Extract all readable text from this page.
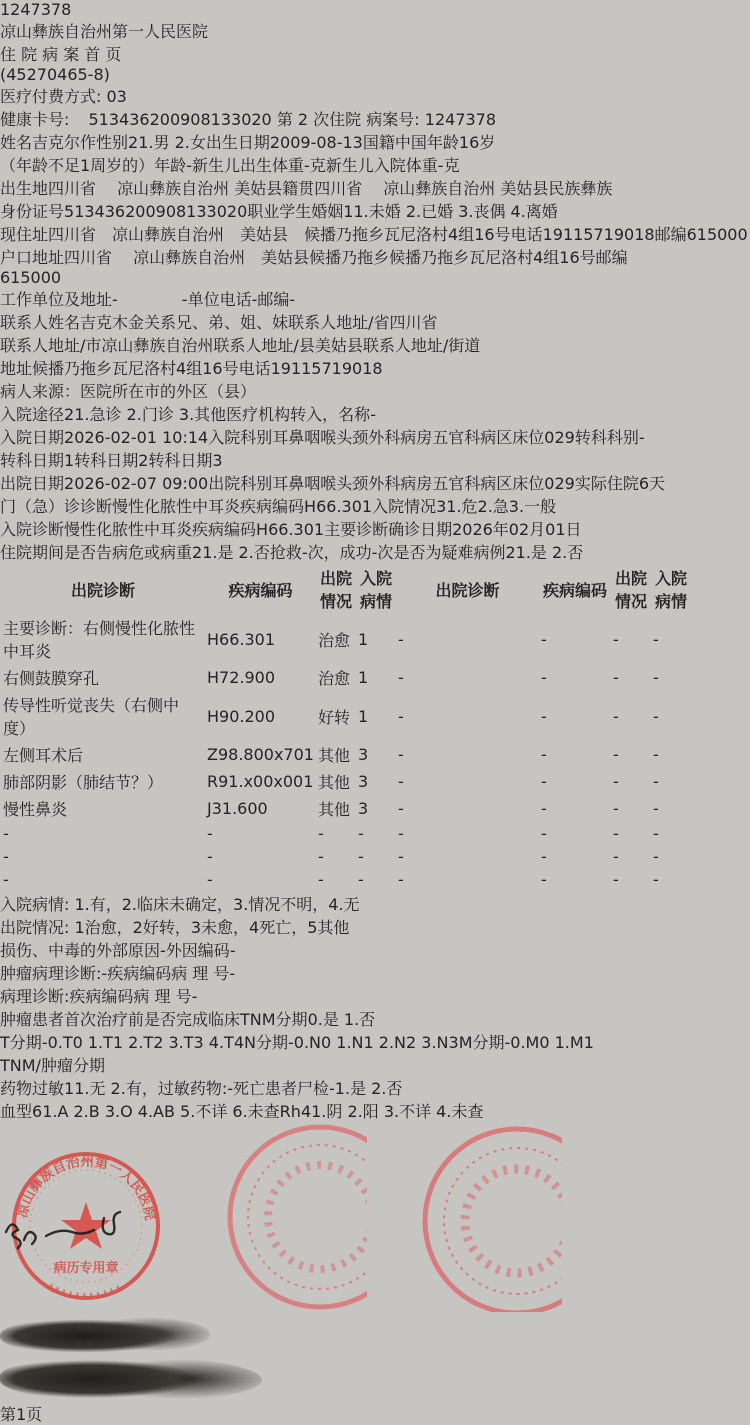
1247378
凉山彝族自治州第一人民医院
住 院 病 案 首 页
(45270465-8)
医疗付费方式: 03
健康卡号: 513436200908133020 第 2 次住院 病案号: 1247378
姓名吉克尔作性别21.男 2.女出生日期2009-08-13国籍中国年龄16岁
（年龄不足1周岁的）年龄-新生儿出生体重-克新生儿入院体重-克
出生地四川省　 凉山彝族自治州 美姑县籍贯四川省　 凉山彝族自治州 美姑县民族彝族
身份证号513436200908133020职业学生婚姻11.未婚 2.已婚 3.丧偶 4.离婚
现住址四川省　凉山彝族自治州　美姑县　候播乃拖乡瓦尼洛村4组16号电话19115719018邮编615000
户口地址四川省　 凉山彝族自治州　美姑县候播乃拖乡候播乃拖乡瓦尼洛村4组16号邮编
615000
工作单位及地址-　　　　-单位电话-邮编-
联系人姓名吉克木金关系兄、弟、姐、妹联系人地址/省四川省
联系人地址/市凉山彝族自治州联系人地址/县美姑县联系人地址/街道
地址候播乃拖乡瓦尼洛村4组16号电话19115719018
病人来源：医院所在市的外区（县）
入院途径21.急诊 2.门诊 3.其他医疗机构转入，名称-
入院日期2026-02-01 10:14入院科别耳鼻咽喉头颈外科病房五官科病区床位029转科科别-
转科日期1转科日期2转科日期3
出院日期2026-02-07 09:00出院科别耳鼻咽喉头颈外科病房五官科病区床位029实际住院6天
门（急）诊诊断慢性化脓性中耳炎疾病编码H66.301入院情况31.危2.急3.一般
入院诊断慢性化脓性中耳炎疾病编码H66.301主要诊断确诊日期2026年02月01日
住院期间是否告病危或病重21.是 2.否抢救-次，成功-次是否为疑难病例21.是 2.否
出院诊断	疾病编码	出院情况	入院病情	出院诊断	疾病编码	出院情况	入院病情
主要诊断：右侧慢性化脓性中耳炎	H66.301	治愈	1	-	-	-	-
右侧鼓膜穿孔	H72.900	治愈	1	-	-	-	-
传导性听觉丧失（右侧中度）	H90.200	好转	1	-	-	-	-
左侧耳术后	Z98.800x701	其他	3	-	-	-	-
肺部阴影（肺结节？）	R91.x00x001	其他	3	-	-	-	-
慢性鼻炎	J31.600	其他	3	-	-	-	-
-	-	-	-	-	-	-	-
-	-	-	-	-	-	-	-
-	-	-	-	-	-	-	-
入院病情: 1.有，2.临床未确定，3.情况不明，4.无
出院情况: 1治愈，2好转，3未愈，4死亡，5其他
损伤、中毒的外部原因-外因编码-
肿瘤病理诊断:-疾病编码病 理 号-
病理诊断:疾病编码病 理 号-
肿瘤患者首次治疗前是否完成临床TNM分期0.是 1.否
T分期-0.T0 1.T1 2.T2 3.T3 4.T4N分期-0.N0 1.N1 2.N2 3.N3M分期-0.M0 1.M1
TNM/肿瘤分期
药物过敏11.无 2.有，过敏药物:-死亡患者尸检-1.是 2.否
血型61.A 2.B 3.O 4.AB 5.不详 6.未查Rh41.阴 2.阳 3.不详 4.未查
凉山彝族自治州第一人民医院
病历专用章

第1页
